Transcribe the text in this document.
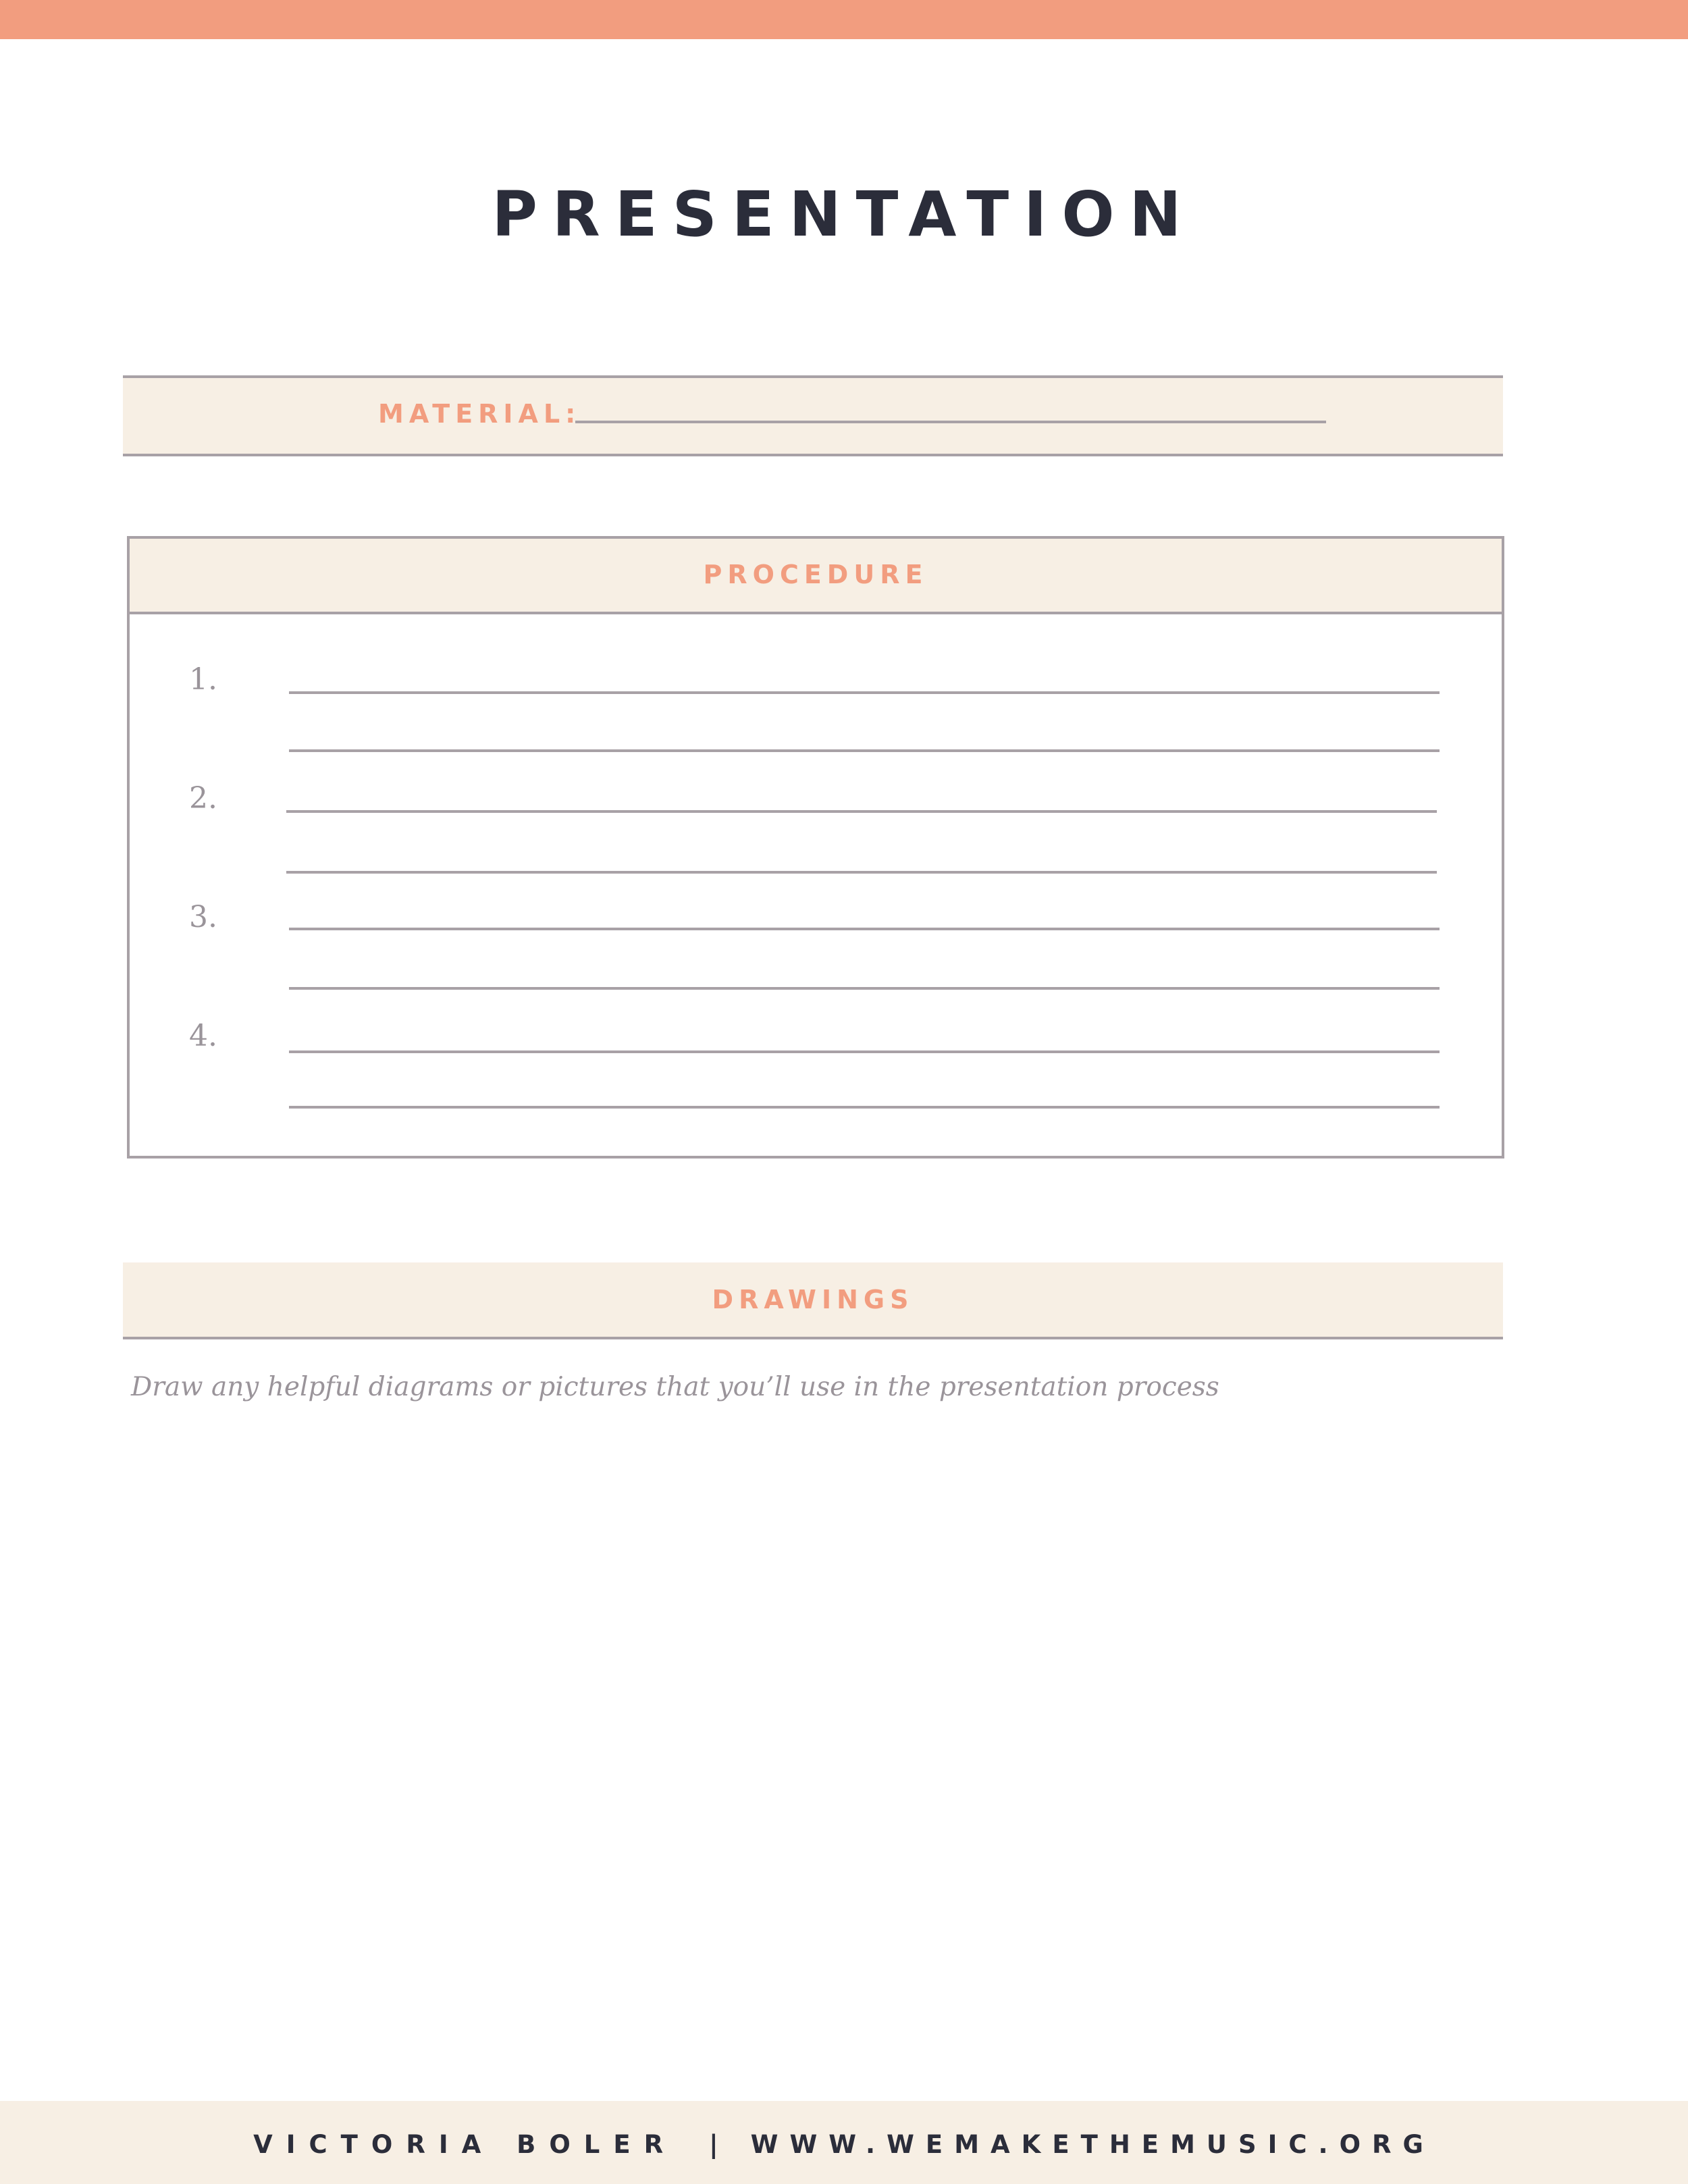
PRESENTATION
MATERIAL:
PROCEDURE
1.
2.
3.
4.
DRAWINGS
Draw any helpful diagrams or pictures that you’ll use in the presentation process
VICTORIA BOLER | WWW.WEMAKETHEMUSIC.ORG
